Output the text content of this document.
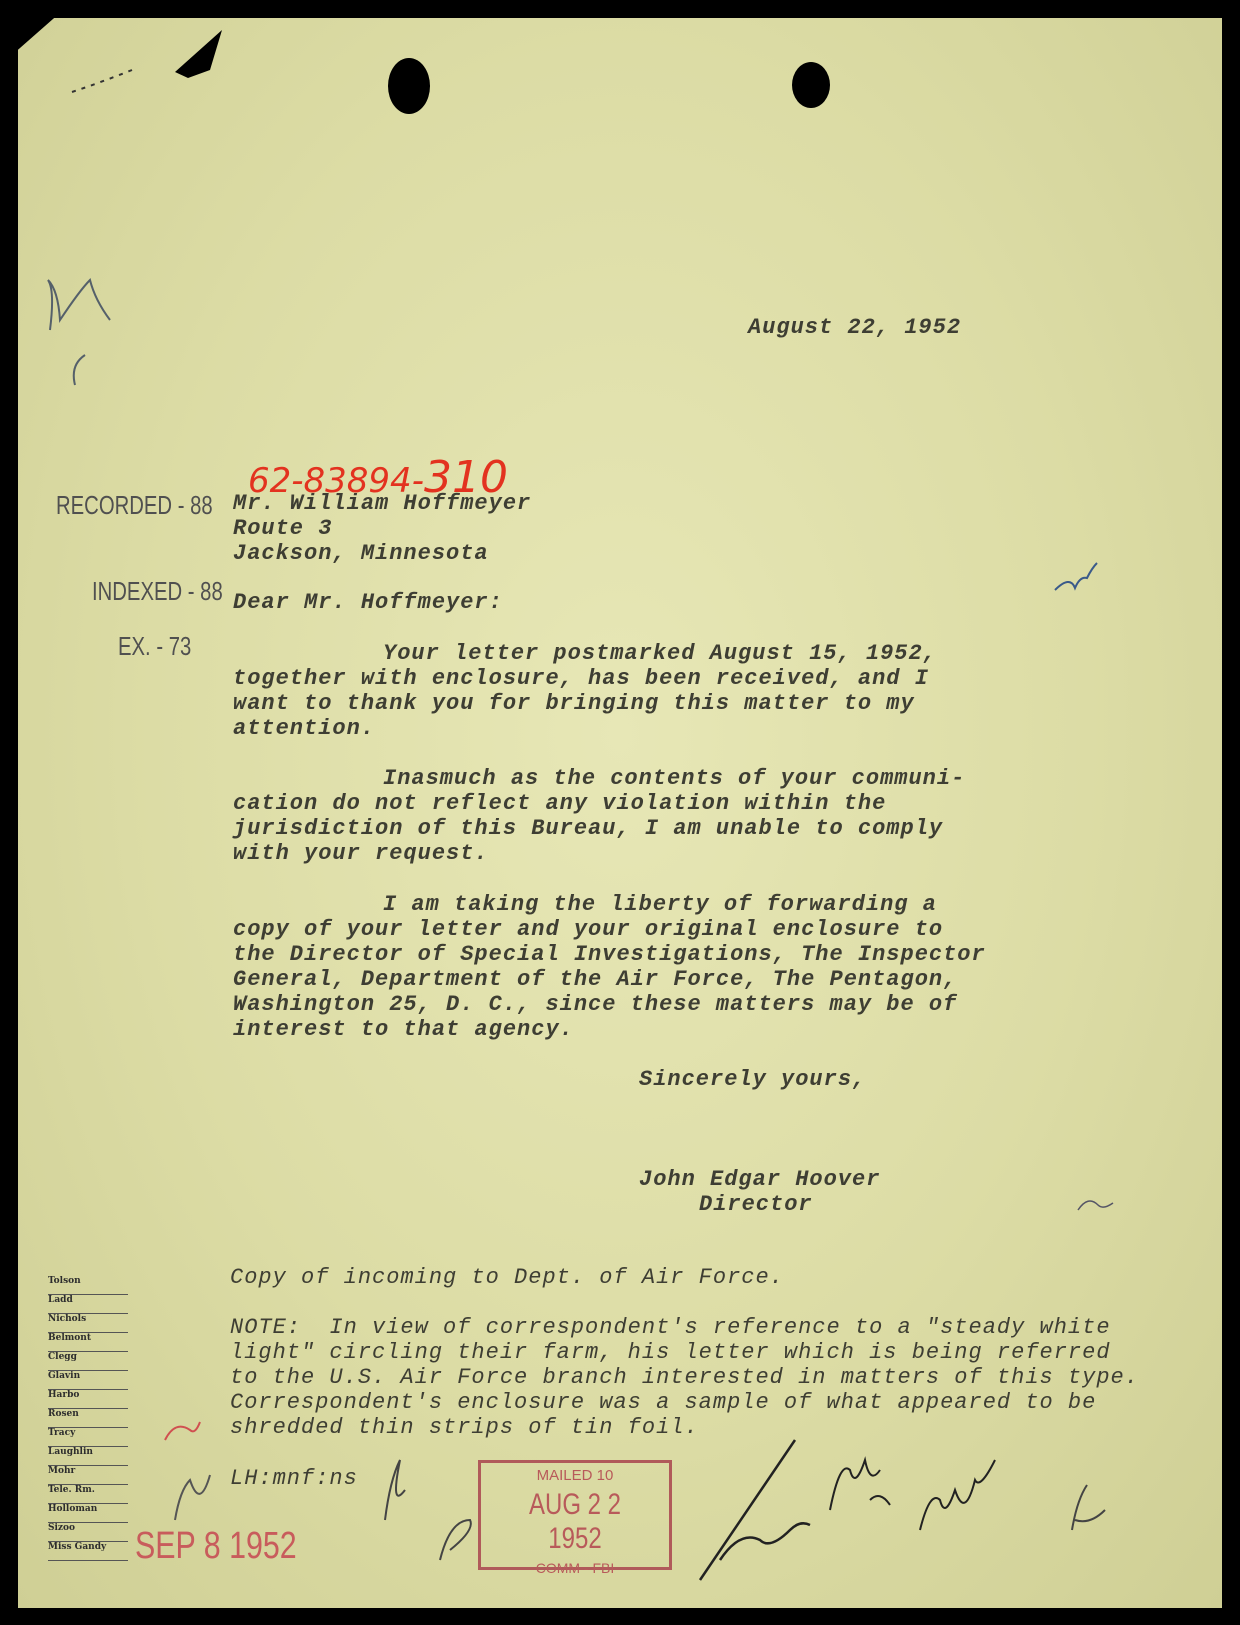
August 22, 1952
62-83894-310
RECORDED - 88
INDEXED - 88
EX. - 73
Mr. William Hoffmeyer
Route 3
Jackson, Minnesota
Dear Mr. Hoffmeyer:
Your letter postmarked August 15, 1952,
together with enclosure, has been received, and I
want to thank you for bringing this matter to my
attention.
Inasmuch as the contents of your communi-
cation do not reflect any violation within the
jurisdiction of this Bureau, I am unable to comply
with your request.
I am taking the liberty of forwarding a
copy of your letter and your original enclosure to
the Director of Special Investigations, The Inspector
General, Department of the Air Force, The Pentagon,
Washington 25, D. C., since these matters may be of
interest to that agency.
Sincerely yours,
John Edgar Hoover
Director
Copy of incoming to Dept. of Air Force.
NOTE:  In view of correspondent's reference to a "steady white
light" circling their farm, his letter which is being referred
to the U.S. Air Force branch interested in matters of this type.
Correspondent's enclosure was a sample of what appeared to be
shredded thin strips of tin foil.
LH:mnf:ns
Tolson
Ladd
Nichols
Belmont
Clegg
Glavin
Harbo
Rosen
Tracy
Laughlin
Mohr
Tele. Rm.
Holloman
Sizoo
Miss Gandy
MAILED 10
AUG 2 2 1952
COMM - FBI
SEP 8 1952
